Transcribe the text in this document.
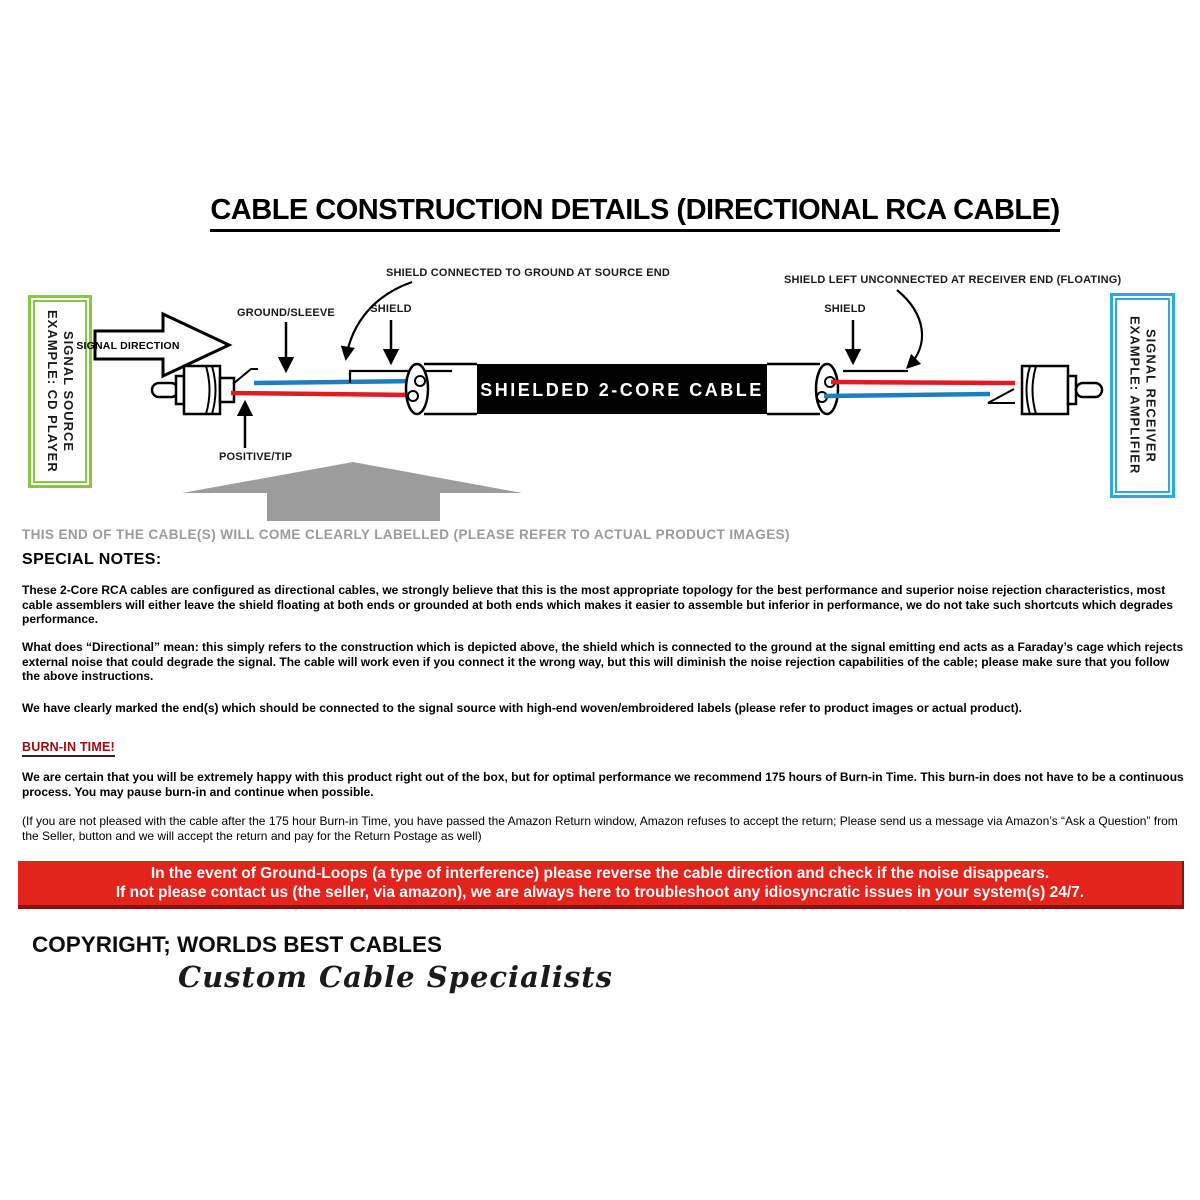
CABLE CONSTRUCTION DETAILS (DIRECTIONAL RCA CABLE)
SIGNAL SOURCE
EXAMPLE: CD PLAYER	SIGNAL RECEIVER
EXAMPLE: AMPLIFIER
SIGNAL DIRECTION
SHIELDED 2-CORE CABLE
GROUND/SLEEVE	SHIELD
SHIELD CONNECTED TO GROUND AT SOURCE END
SHIELD
SHIELD LEFT UNCONNECTED AT RECEIVER END (FLOATING)
POSITIVE/TIP
THIS END OF THE CABLE(S) WILL COME CLEARLY LABELLED (PLEASE REFER TO ACTUAL PRODUCT IMAGES)
SPECIAL NOTES:
These 2-Core RCA cables are configured as directional cables, we strongly believe that this is the most appropriate topology for the best performance and superior noise rejection characteristics, most cable assemblers will either leave the shield floating at both ends or grounded at both ends which makes it easier to assemble but inferior in performance, we do not take such shortcuts which degrades performance.
What does “Directional” mean: this simply refers to the construction which is depicted above, the shield which is connected to the ground at the signal emitting end acts as a Faraday’s cage which rejects external noise that could degrade the signal. The cable will work even if you connect it the wrong way, but this will diminish the noise rejection capabilities of the cable; please make sure that you follow the above instructions.
We have clearly marked the end(s) which should be connected to the signal source with high-end woven/embroidered labels (please refer to product images or actual product).
BURN-IN TIME!
We are certain that you will be extremely happy with this product right out of the box, but for optimal performance we recommend 175 hours of Burn-in Time. This burn-in does not have to be a continuous process. You may pause burn-in and continue when possible.
(If you are not pleased with the cable after the 175 hour Burn-in Time, you have passed the Amazon Return window, Amazon refuses to accept the return; Please send us a message via Amazon’s “Ask a Question” from the Seller, button and we will accept the return and pay for the Return Postage as well)
In the event of Ground-Loops (a type of interference) please reverse the cable direction and check if the noise disappears.
If not please contact us (the seller, via amazon), we are always here to troubleshoot any idiosyncratic issues in your system(s) 24/7.
COPYRIGHT; WORLDS BEST CABLES
Custom Cable Specialists
